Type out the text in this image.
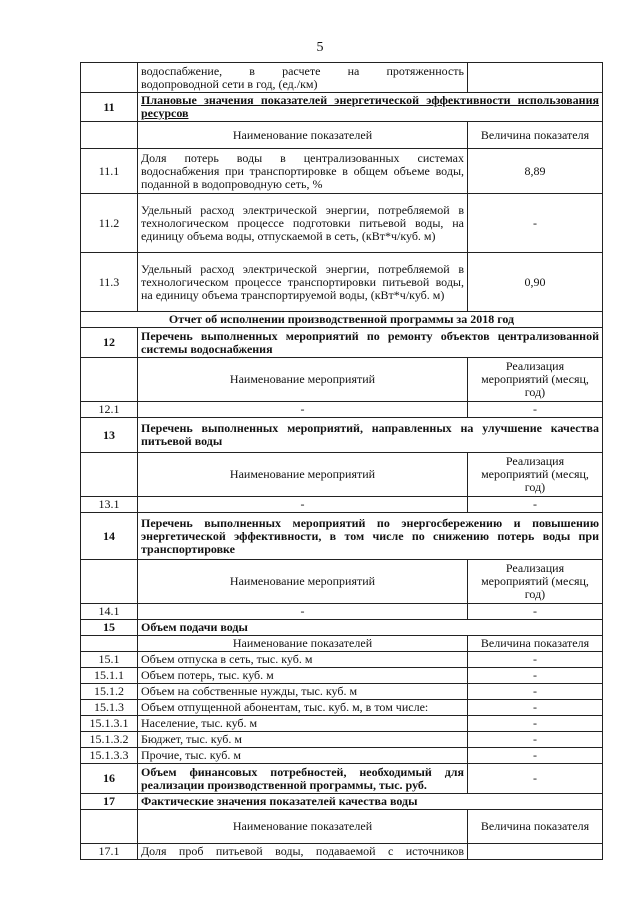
5

	водоспабжение, в расчете на протяженность
водопроводной сети в год, (ед./км)	

11	Плановые значения показателей энергетической эффективности использования ресурсов	
	Наименование показателей	Величина показателя
11.1	Доля потерь воды в централизованных системах водоснабжения при транспортировке в общем объеме воды, поданной в водопроводную сеть, %	8,89
11.2	Удельный расход электрической энергии, потребляемой в технологическом процессе подготовки питьевой воды, на единицу объема воды, отпускаемой в сеть, (кВт*ч/куб. м)	-
11.3	Удельный расход электрической энергии, потребляемой в технологическом процессе транспортировки питьевой воды, на единицу объема транспортируемой воды, (кВт*ч/куб. м)	0,90
Отчет об исполнении производственной программы за 2018 год		
12	Перечень выполненных мероприятий по ремонту объектов централизованной системы водоснабжения	
	Наименование мероприятий	Реализация мероприятий (месяц, год)
12.1	-	-
13	Перечень выполненных мероприятий, направленных на улучшение качества питьевой воды	
	Наименование мероприятий	Реализация мероприятий (месяц, год)
13.1	-	-
14	Перечень выполненных мероприятий по энергосбережению и повышению энергетической эффективности, в том числе по снижению потерь воды при транспортировке	
	Наименование мероприятий	Реализация мероприятий (месяц, год)
14.1	-	-
15	Объем подачи воды	
	Наименование показателей	Величина показателя
15.1	Объем отпуска в сеть, тыс. куб. м	-
15.1.1	Объем потерь, тыс. куб. м	-
15.1.2	Объем на собственные нужды, тыс. куб. м	-
15.1.3	Объем отпущенной абонентам, тыс. куб. м, в том числе:	-
15.1.3.1	Население, тыс. куб. м	-
15.1.3.2	Бюджет, тыс. куб. м	-
15.1.3.3	Прочие, тыс. куб. м	-
16	Объем финансовых потребностей, необходимый для реализации производственной программы, тыс. руб.	-
17	Фактические значения показателей качества воды	
	Наименование показателей	Величина показателя
17.1	Доля проб питьевой воды, подаваемой с источников	
